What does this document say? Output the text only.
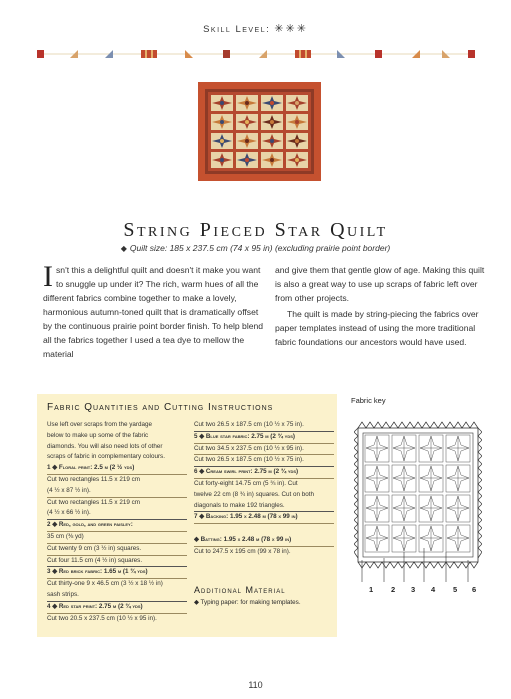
Skill Level: ✳✳✳
String Pieced Star Quilt
◆ Quilt size: 185 x 237.5 cm (74 x 95 in) (excluding prairie point border)
Isn't this a delightful quilt and doesn't it make you want to snuggle up under it? The rich, warm hues of all the different fabrics combine together to make a lovely, harmonious autumn-toned quilt that is dramatically offset by the continuous prairie point border finish. To help blend all the fabrics together I used a tea dye to mellow the material

and give them that gentle glow of age. Making this quilt is also a great way to use up scraps of fabric left over from other projects.

The quilt is made by string-piecing the fabrics over paper templates instead of using the more traditional fabric foundations our ancestors would have used.

Fabric Quantities and Cutting Instructions
Use left over scraps from the yardage
below to make up some of the fabric
diamonds. You will also need lots of other
scraps of fabric in complementary colours.
1 ◆ Floral print: 2.5 m (2 ½ yds)
Cut two rectangles 11.5 x 219 cm
(4 ½ x 87 ½ in).
Cut two rectangles 11.5 x 219 cm
(4 ½ x 66 ½ in).
2 ◆ Red, gold, and green paisley:
35 cm (⅜ yd)
Cut twenty 9 cm (3 ½ in) squares.
Cut four 11.5 cm (4 ½ in) squares.
3 ◆ Red brick fabric: 1.65 m (1 ¾ yds)
Cut thirty-one 9 x 46.5 cm (3 ½ x 18 ½ in)
sash strips.
4 ◆ Red star print: 2.75 m (2 ¾ yds)
Cut two 20.5 x 237.5 cm (10 ½ x 95 in).
Cut two 26.5 x 187.5 cm (10 ½ x 75 in).
5 ◆ Blue star fabric: 2.75 m (2 ¾ yds)
Cut two 34.5 x 237.5 cm (10 ½ x 95 in).
Cut two 26.5 x 187.5 cm (10 ½ x 75 in).
6 ◆ Cream swirl print: 2.75 m (2 ¾ yds)
Cut forty-eight 14.75 cm (5 ¾ in). Cut
twelve 22 cm (8 ¾ in) squares. Cut on both
diagonals to make 192 triangles.
7 ◆ Backing: 1.95 x 2.48 m (78 x 99 in)

◆ Batting: 1.95 x 2.48 m (78 x 99 in)
Cut to 247.5 x 195 cm (99 x 78 in).
Additional Material
◆ Typing paper: for making templates.
Fabric key
1 2 3 4 5 6
110
